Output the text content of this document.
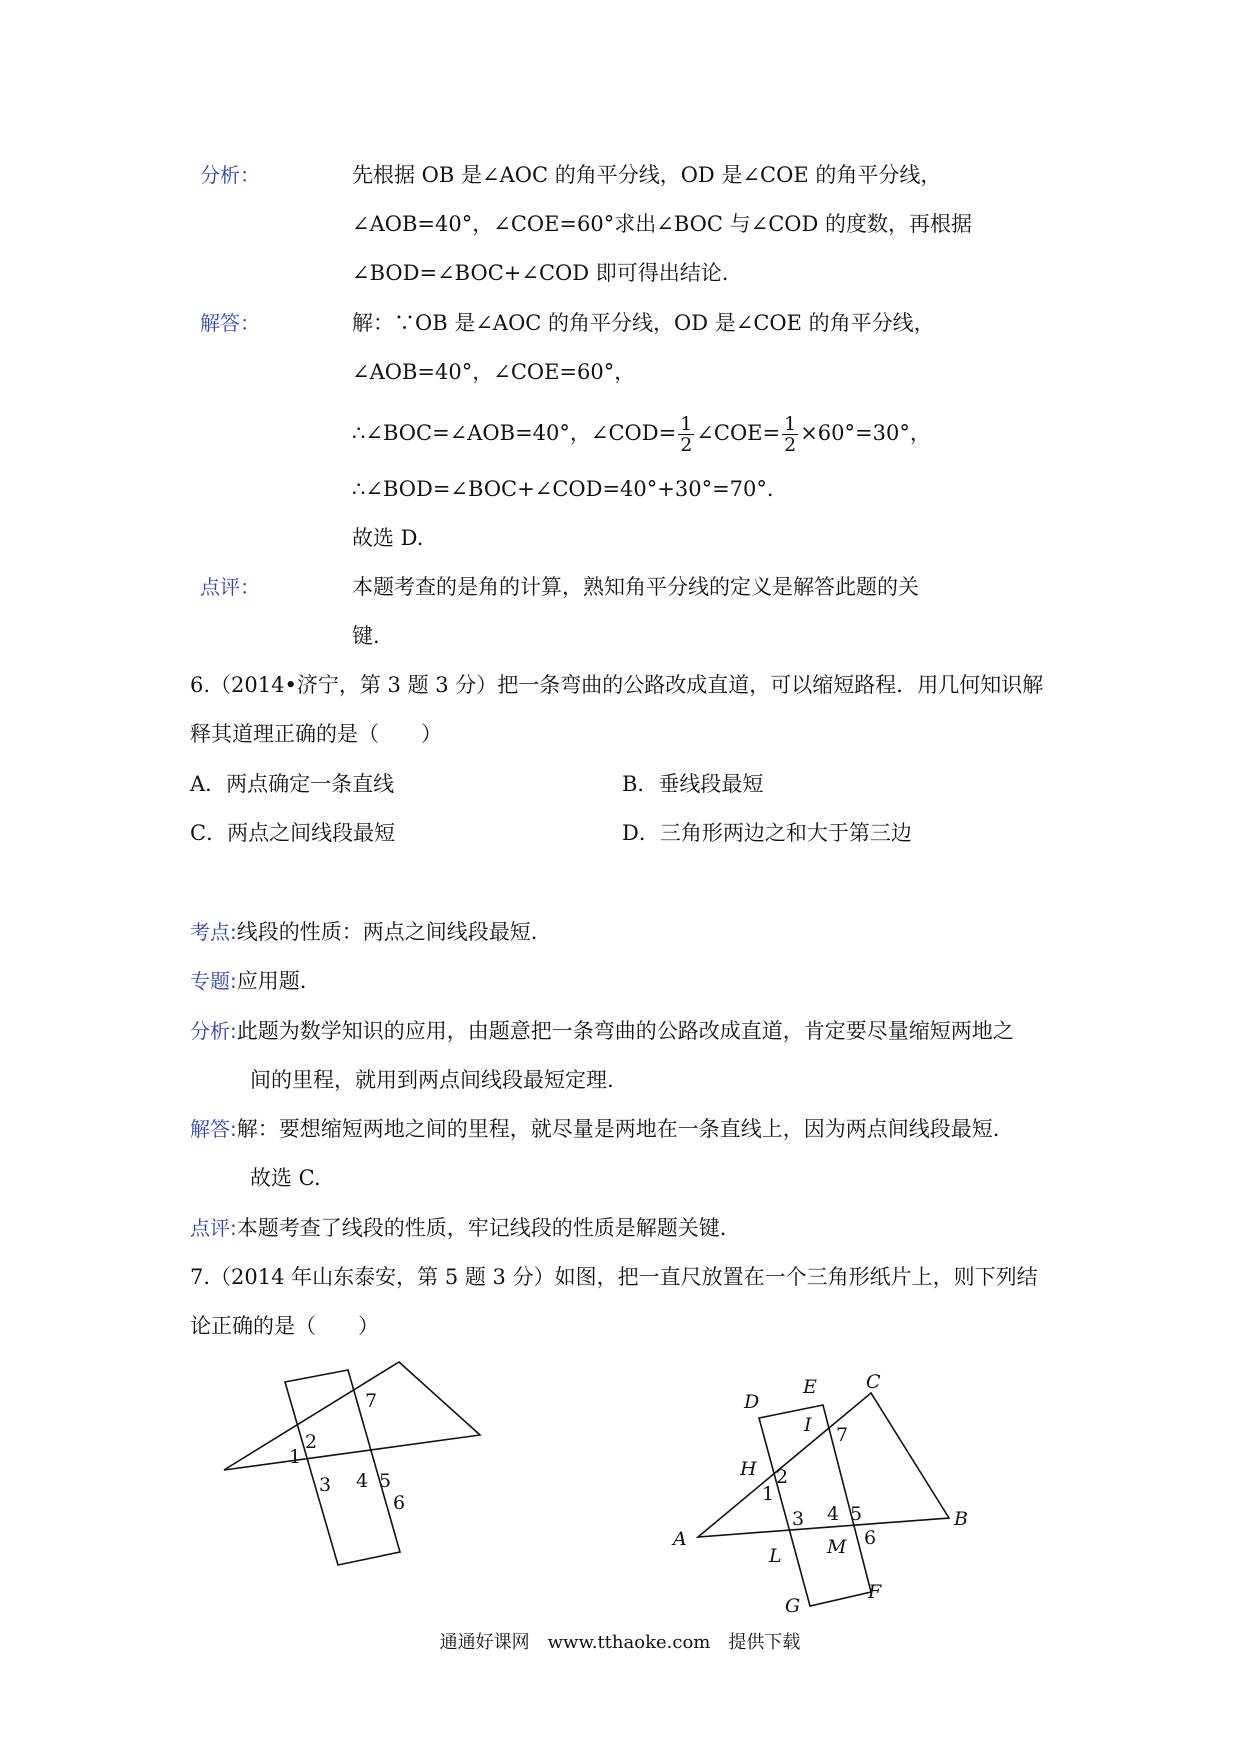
分析：	先根据 OB 是∠AOC 的角平分线，OD 是∠COE 的角平分线，
∠AOB=40°，∠COE=60°求出∠BOC 与∠COD 的度数，再根据
∠BOD=∠BOC+∠COD 即可得出结论.
解答：	解：∵OB 是∠AOC 的角平分线，OD 是∠COE 的角平分线，
∠AOB=40°，∠COE=60°，
∴∠BOC=∠AOB=40°，∠COD= $\frac{1}{2}$ ∠COE= $\frac{1}{2} \times 60^\circ=30^\circ$，
∴∠BOD=∠BOC+∠COD=40°+30°=70°.
故选 D.
点评：	本题考查的是角的计算，熟知角平分线的定义是解答此题的关
键.
6.（2014•济宁，第 3 题 3 分）把一条弯曲的公路改成直道，可以缩短路程．用几何知识解
释其道理正确的是（　　）
A．两点确定一条直线	B．垂线段最短
C．两点之间线段最短	D．三角形两边之和大于第三边
考点:线段的性质：两点之间线段最短.
专题:应用题.
分析:此题为数学知识的应用，由题意把一条弯曲的公路改成直道，肯定要尽量缩短两地之
间的里程，就用到两点间线段最短定理.
解答:解：要想缩短两地之间的里程，就尽量是两地在一条直线上，因为两点间线段最短.
故选 C.
点评:本题考查了线段的性质，牢记线段的性质是解题关键.
7.（2014 年山东泰安，第 5 题 3 分）如图，把一直尺放置在一个三角形纸片上，则下列结
论正确的是（　　）
7
2
1
3 4 5
6
D
E	C
I 7
H 2
1
3 4 5
6
A
B
L M
G
F
通通好课网　www.tthaoke.com　提供下载
